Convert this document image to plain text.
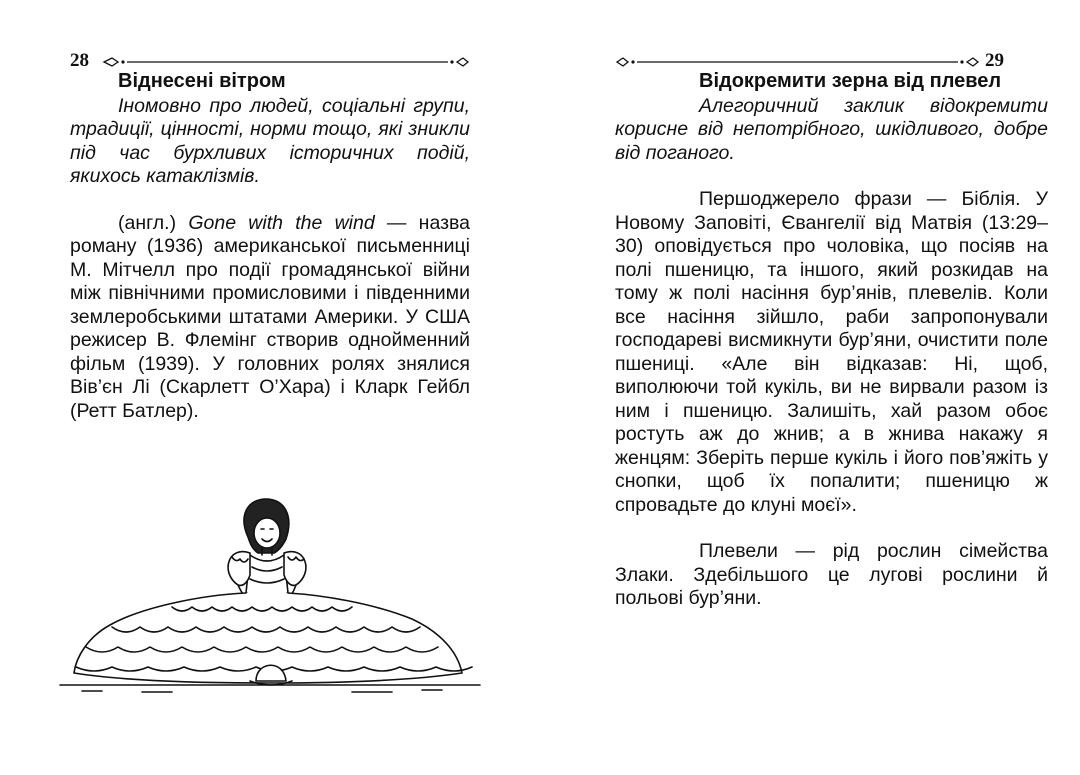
28
Віднесені вітром

Іномовно про людей, соціальні групи, традиції, цінності, норми тощо, які зникли під час бурхливих історичних подій, якихось катаклізмів.

(англ.) Gone with the wind — назва роману (1936) американської письменниці М. Мітчелл про події громадянської війни між північними промисловими і південними землеробськими штатами Америки. У США режисер В. Флемінг створив однойменний фільм (1939). У головних ролях знялися Вів’єн Лі (Скарлетт О’Хара) і Кларк Гейбл (Ретт Батлер).

29
Відокремити зерна від плевел

Алегоричний заклик відокремити корисне від непотрібного, шкідливого, добре від поганого.

Першоджерело фрази — Біблія. У Новому Заповіті, Євангелії від Матвія (13:29–30) оповідується про чоловіка, що посіяв на полі пшеницю, та іншого, який розкидав на тому ж полі насіння бур’янів, плевелів. Коли все насіння зійшло, раби запропонували господареві висмикнути бур’яни, очистити поле пшениці. «Але він відказав: Ні, щоб, виполюючи той кукіль, ви не вирвали разом із ним і пшеницю. Залишіть, хай разом обоє ростуть аж до жнив; а в жнива накажу я женцям: Зберіть перше кукіль і його пов’яжіть у снопки, щоб їх попалити; пшеницю ж спровадьте до клуні моєї».

Плевели — рід рослин сімейства Злаки. Здебільшого це лугові рослини й польові бур’яни.
